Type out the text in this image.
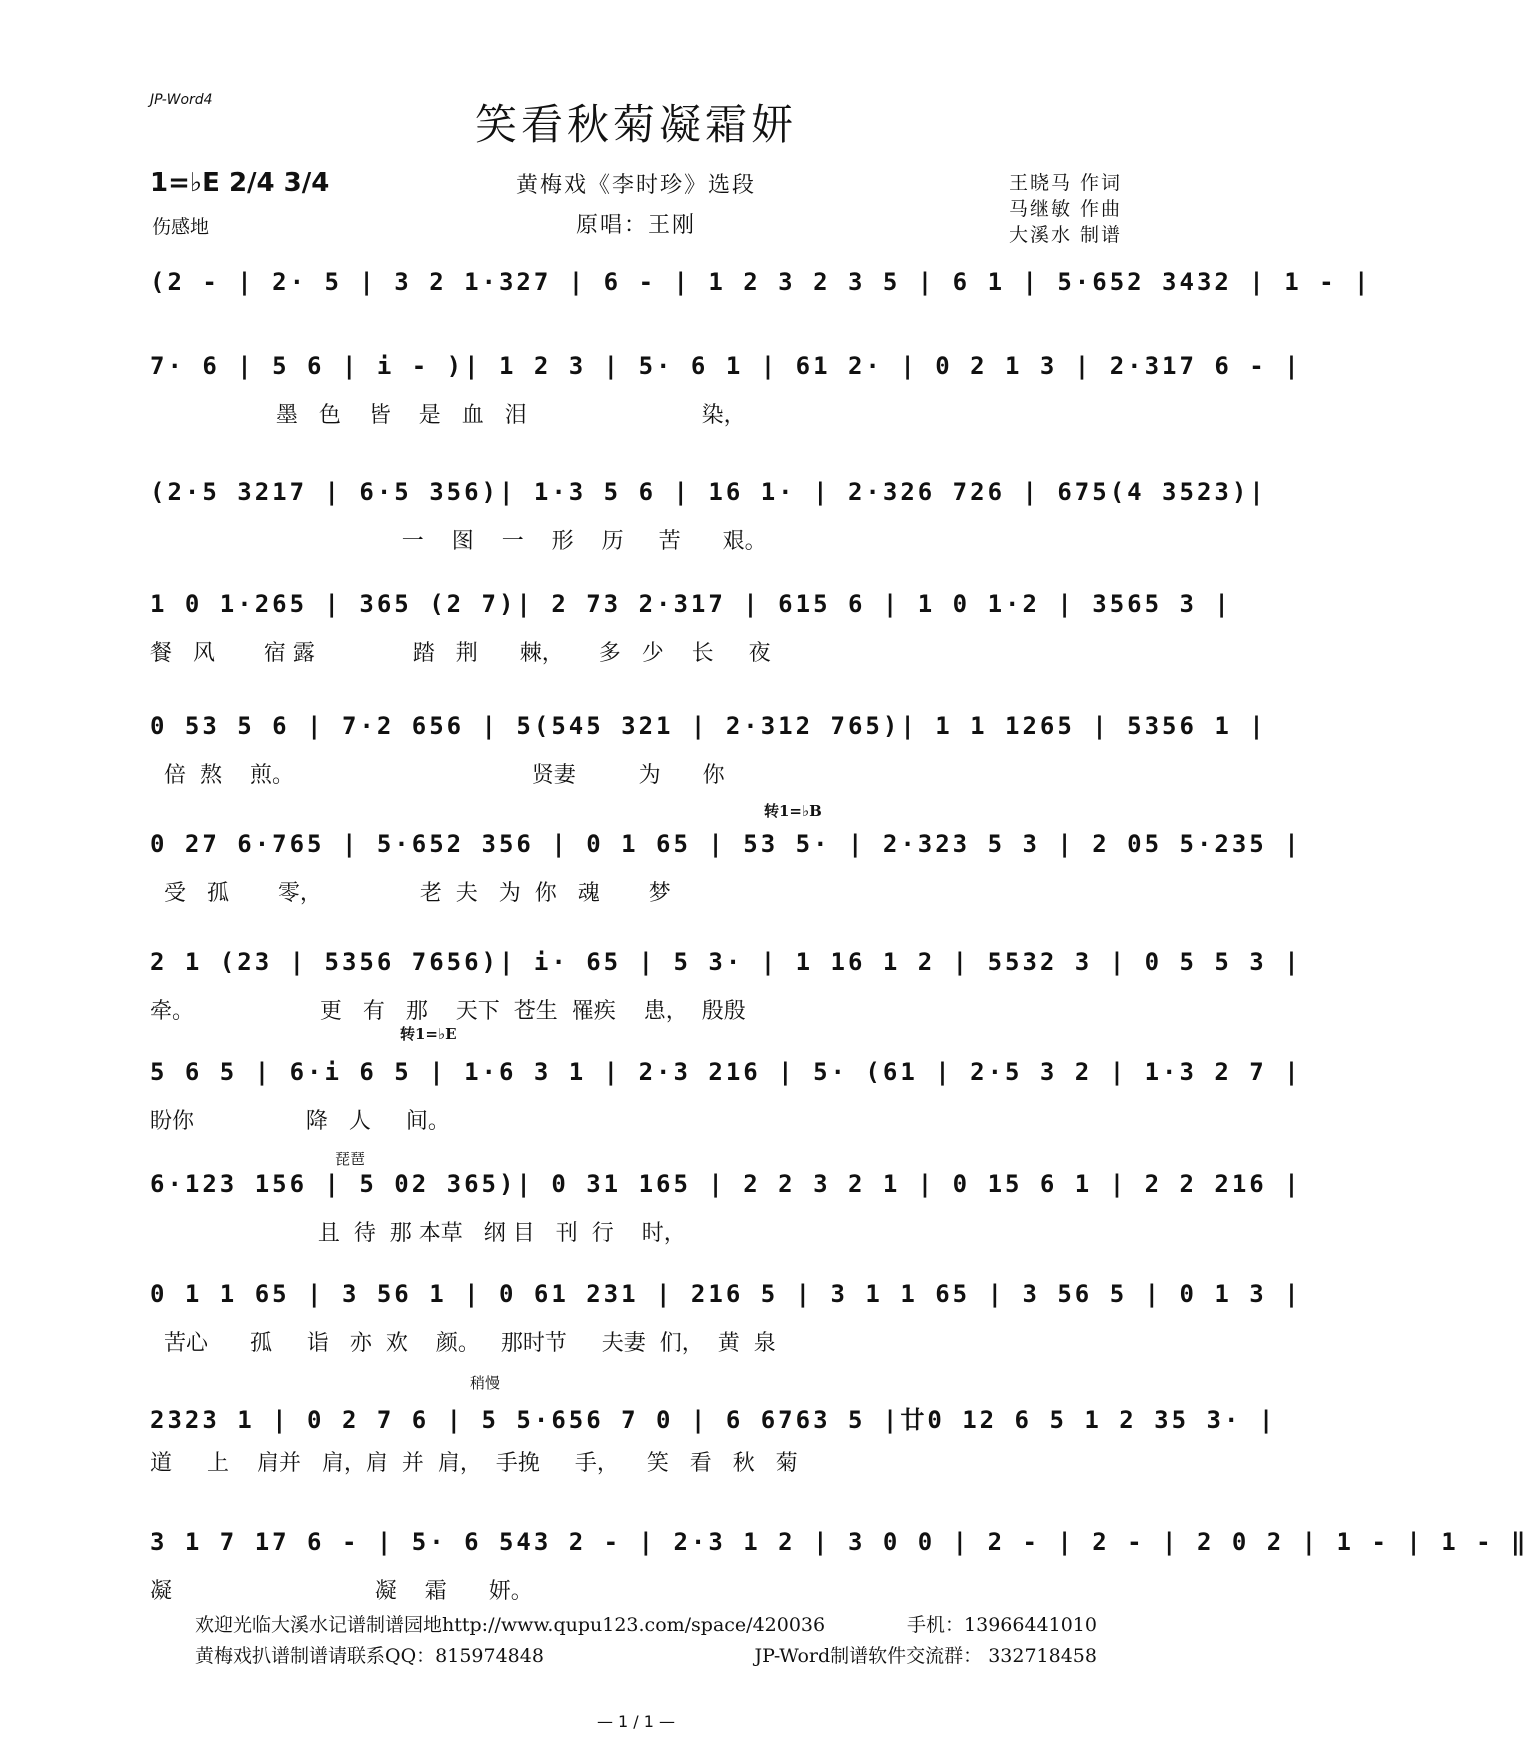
JP-Word4	笑看秋菊凝霜妍
1=♭E 2/4 3/4
伤感地
黄梅戏《李时珍》选段
原唱：王刚
王晓马 作词
马继敏 作曲
大溪水 制谱
(2 - | 2· 5 | 3 2 1·327 | 6 - | 1 2 3 2 3 5 | 6 1 | 5·652 3432 | 1 - |
7· 6 | 5 6 | i - )| 1 2 3 | 5· 6 1 | 61 2· | 0 2 1 3 | 2·317 6 - |
墨   色    皆    是   血   泪                         染，
(2·5 3217 | 6·5 356)| 1·3 5 6 | 16 1· | 2·326 726 | 675(4 3523)|
一    图    一    形    历     苦      艰。
1 0 1·265 | 365 (2 7)| 2 73 2·317 | 615 6 | 1 0 1·2 | 3565 3 |
餐   风       宿 露              踏   荆      棘，     多   少    长     夜
0 53 5 6 | 7·2 656 | 5(545 321 | 2·312 765)| 1 1 1265 | 5356 1 |
倍  熬    煎。                                  贤妻         为      你
0 27 6·765 | 5·652 356 | 0 1 65 | 53 5· | 2·323 5 3 | 2 05 5·235 |
受   孤       零，              老  夫   为  你   魂       梦
2 1 (23 | 5356 7656)| i· 65 | 5 3· | 1 16 1 2 | 5532 3 | 0 5 5 3 |
牵。                  更   有   那    天下  苍生  罹疾    患，  殷殷
5 6 5 | 6·i 6 5 | 1·6 3 1 | 2·3 216 | 5· (61 | 2·5 3 2 | 1·3 2 7 |
盼你                降   人     间。
6·123 156 | 5 02 365)| 0 31 165 | 2 2 3 2 1 | 0 15 6 1 | 2 2 216 |
且  待  那 本草   纲 目   刊  行    时，
0 1 1 65 | 3 56 1 | 0 61 231 | 216 5 | 3 1 1 65 | 3 56 5 | 0 1 3 |
苦心      孤     诣   亦  欢    颜。   那时节     夫妻  们，  黄  泉
2323 1 | 0 2 7 6 | 5 5·656 7 0 | 6 6763 5 |廿0 12 6 5 1 2 35 3· |
道     上    肩并   肩，肩  并  肩，  手挽     手，    笑   看   秋   菊
3 1 7 17 6 - | 5· 6 543 2 - | 2·3 1 2 | 3 0 0 | 2 - | 2 - | 2 0 2 | 1 - | 1 - ‖
凝                             凝    霜      妍。
转1=♭B
转1=♭E
琵琶
稍慢
欢迎光临大溪水记谱制谱园地http://www.qupu123.com/space/420036	手机：13966441010
黄梅戏扒谱制谱请联系QQ：815974848	JP-Word制谱软件交流群： 332718458
— 1 / 1 —
